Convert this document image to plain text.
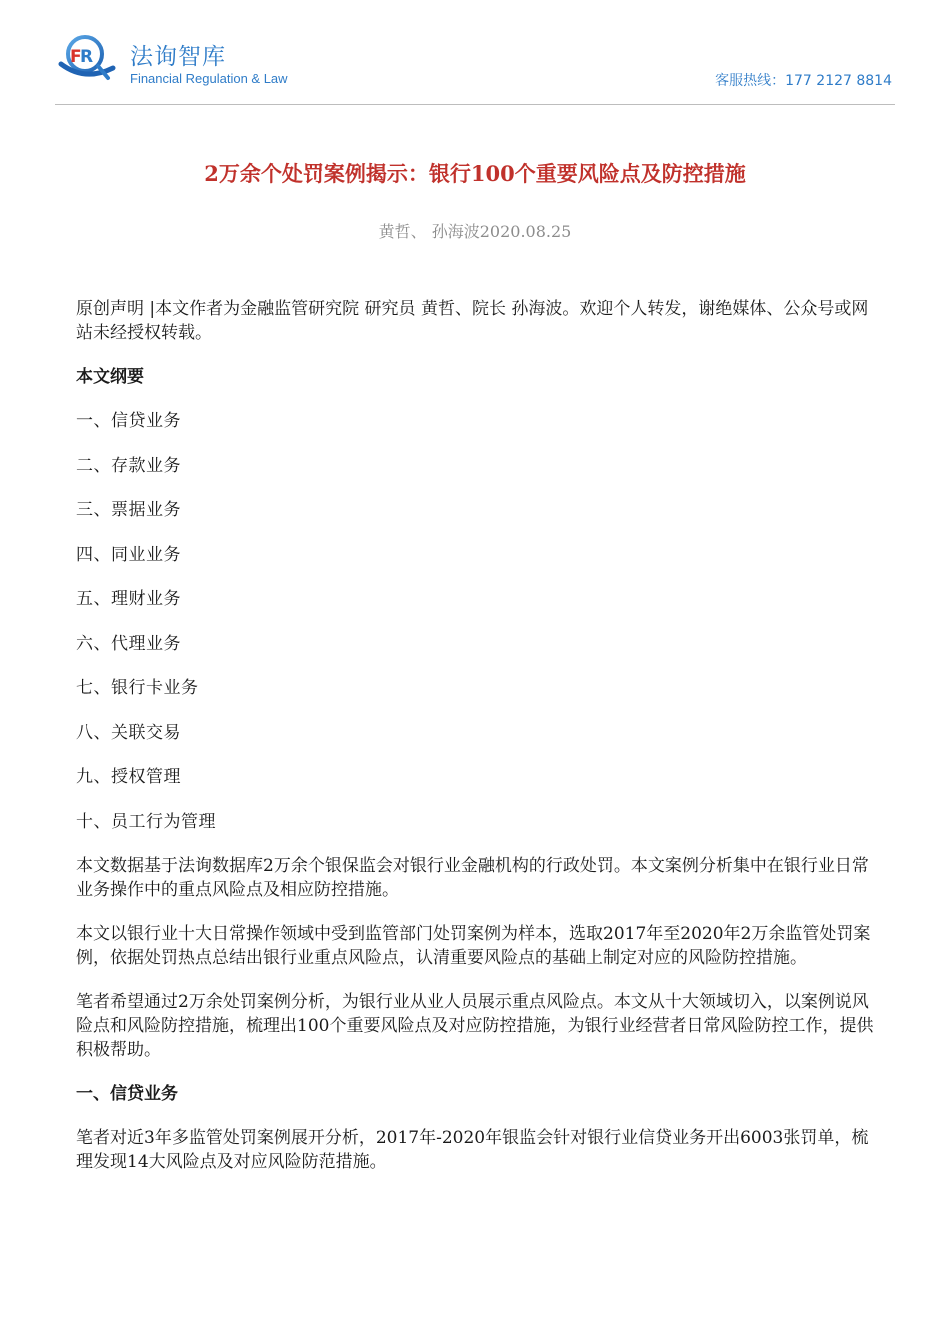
F
R 法询智库
Financial Regulation & Law	客服热线：177 2127 8814
2万余个处罚案例揭示：银行100个重要风险点及防控措施
黄哲、 孙海波2020.08.25

原创声明 |本文作者为金融监管研究院 研究员 黄哲、院长 孙海波。欢迎个人转发，谢绝媒体、公众号或网站未经授权转载。

本文纲要
一、信贷业务
二、存款业务
三、票据业务
四、同业业务
五、理财业务
六、代理业务
七、银行卡业务
八、关联交易
九、授权管理
十、员工行为管理

本文数据基于法询数据库2万余个银保监会对银行业金融机构的行政处罚。本文案例分析集中在银行业日常业务操作中的重点风险点及相应防控措施。

本文以银行业十大日常操作领域中受到监管部门处罚案例为样本，选取2017年至2020年2万余监管处罚案例，依据处罚热点总结出银行业重点风险点，认清重要风险点的基础上制定对应的风险防控措施。

笔者希望通过2万余处罚案例分析，为银行业从业人员展示重点风险点。本文从十大领域切入，以案例说风险点和风险防控措施，梳理出100个重要风险点及对应防控措施，为银行业经营者日常风险防控工作，提供积极帮助。

一、信贷业务

笔者对近3年多监管处罚案例展开分析，2017年-2020年银监会针对银行业信贷业务开出6003张罚单，梳理发现14大风险点及对应风险防范措施。
